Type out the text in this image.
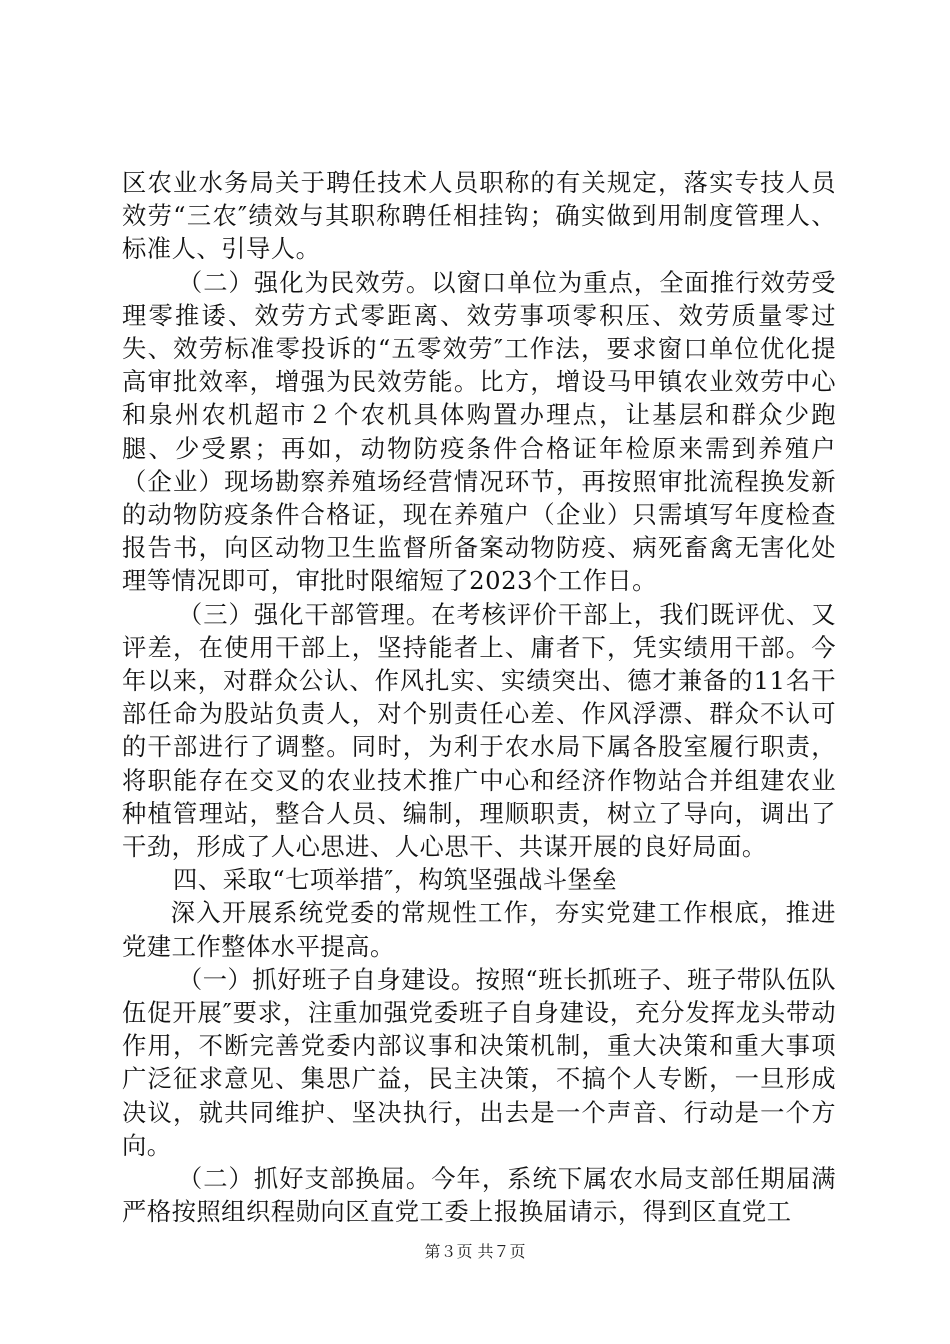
区农业水务局关于聘任技术人员职称的有关规定，落实专技人员效劳“三农″绩效与其职称聘任相挂钩；确实做到用制度管理人、标准人、引导人。

（二）强化为民效劳。以窗口单位为重点，全面推行效劳受理零推诿、效劳方式零距离、效劳事项零积压、效劳质量零过失、效劳标准零投诉的“五零效劳″工作法，要求窗口单位优化提高审批效率，增强为民效劳能。比方，增设马甲镇农业效劳中心和泉州农机超市２个农机具体购置办理点，让基层和群众少跑腿、少受累；再如，动物防疫条件合格证年检原来需到养殖户（企业）现场勘察养殖场经营情况环节，再按照审批流程换发新的动物防疫条件合格证，现在养殖户（企业）只需填写年度检查报告书，向区动物卫生监督所备案动物防疫、病死畜禽无害化处理等情况即可，审批时限缩短了2023个工作日。

（三）强化干部管理。在考核评价干部上，我们既评优、又评差，在使用干部上，坚持能者上、庸者下，凭实绩用干部。今年以来，对群众公认、作风扎实、实绩突出、德才兼备的11名干部任命为股站负责人，对个别责任心差、作风浮漂、群众不认可的干部进行了调整。同时，为利于农水局下属各股室履行职责，将职能存在交叉的农业技术推广中心和经济作物站合并组建农业种植管理站，整合人员、编制，理顺职责，树立了导向，调出了干劲，形成了人心思进、人心思干、共谋开展的良好局面。

四、采取“七项举措″，构筑坚强战斗堡垒

深入开展系统党委的常规性工作，夯实党建工作根底，推进党建工作整体水平提高。

（一）抓好班子自身建设。按照“班长抓班子、班子带队伍队伍促开展″要求，注重加强党委班子自身建设，充分发挥龙头带动作用，不断完善党委内部议事和决策机制，重大决策和重大事项广泛征求意见、集思广益，民主决策，不搞个人专断，一旦形成决议，就共同维护、坚决执行，出去是一个声音、行动是一个方向。

（二）抓好支部换届。今年，系统下属农水局支部任期届满严格按照组织程勋向区直党工委上报换届请示，得到区直党工

第３页 共７页
